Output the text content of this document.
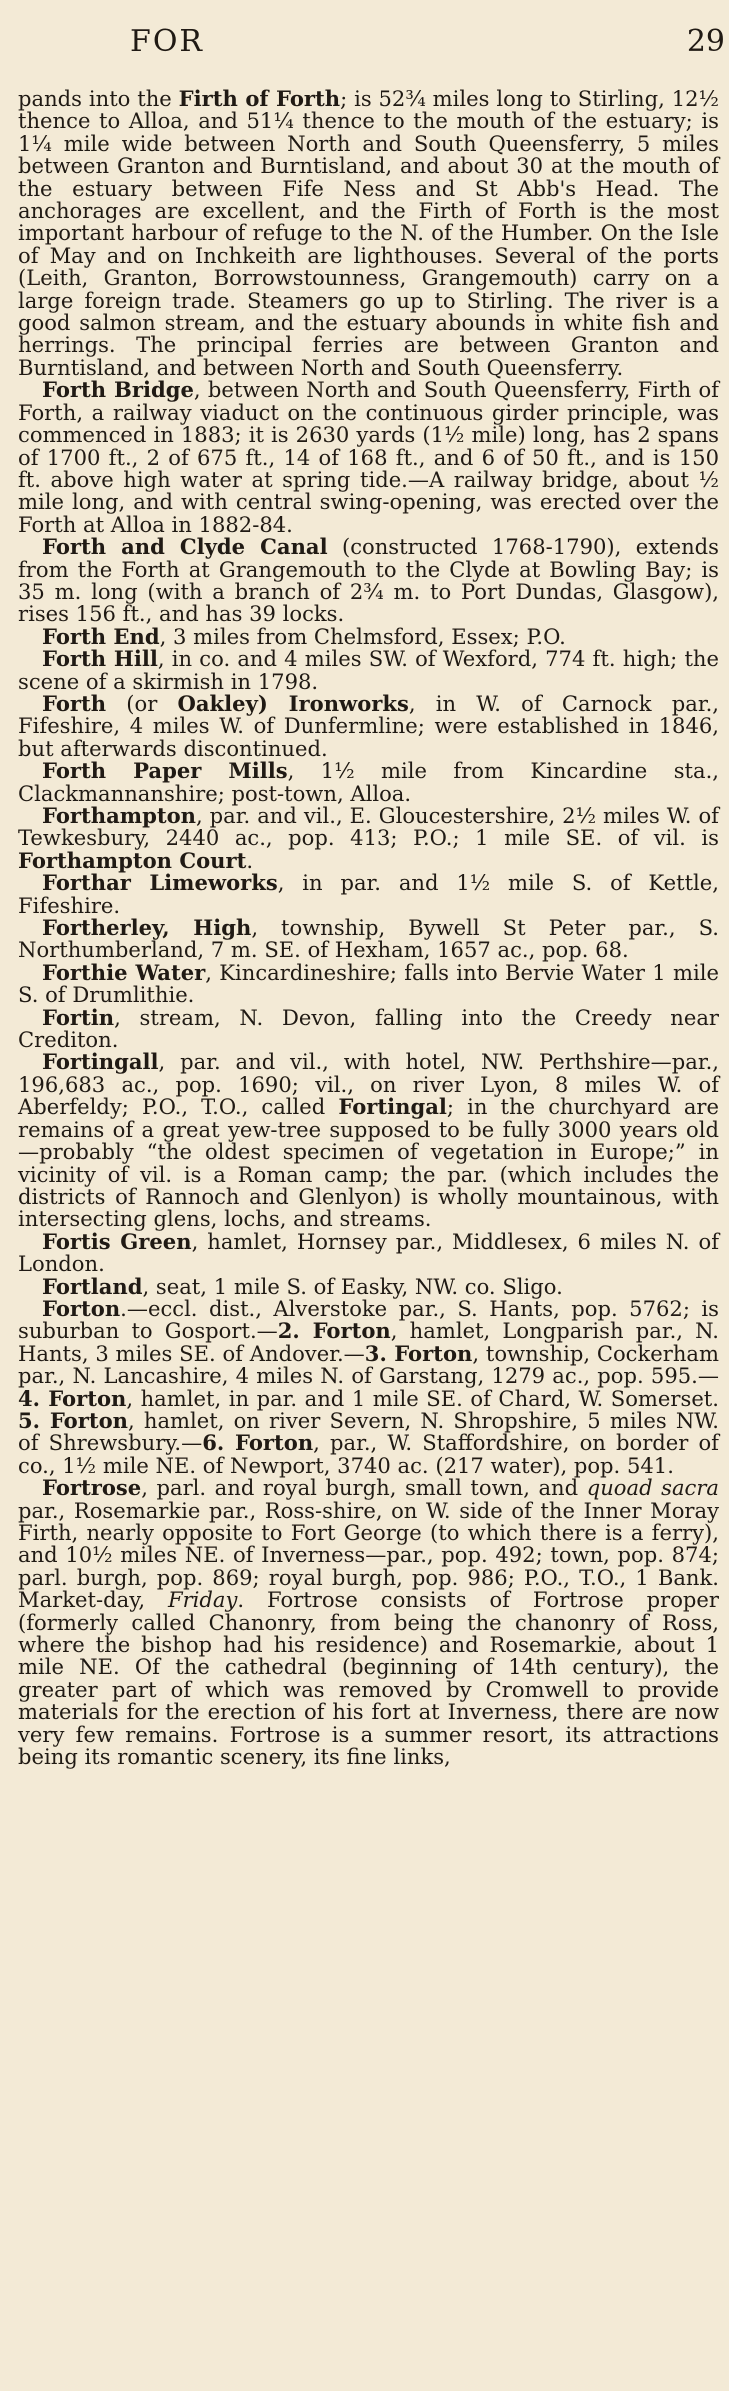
FOR	29

pands into the Firth of Forth; is 52¾ miles long to Stirling, 12½ thence to Alloa, and 51¼ thence to the mouth of the estuary; is 1¼ mile wide between North and South Queensferry, 5 miles between Granton and Burntisland, and about 30 at the mouth of the estuary between Fife Ness and St Abb's Head. The anchorages are excellent, and the Firth of Forth is the most important harbour of refuge to the N. of the Humber. On the Isle of May and on Inchkeith are lighthouses. Several of the ports (Leith, Granton, Borrowstounness, Grangemouth) carry on a large foreign trade. Steamers go up to Stirling. The river is a good salmon stream, and the estuary abounds in white fish and herrings. The principal ferries are between Granton and Burntisland, and between North and South Queensferry.

Forth Bridge, between North and South Queensferry, Firth of Forth, a railway viaduct on the continuous girder principle, was commenced in 1883; it is 2630 yards (1½ mile) long, has 2 spans of 1700 ft., 2 of 675 ft., 14 of 168 ft., and 6 of 50 ft., and is 150 ft. above high water at spring tide.—A railway bridge, about ½ mile long, and with central swing-opening, was erected over the Forth at Alloa in 1882-84.

Forth and Clyde Canal (constructed 1768-1790), extends from the Forth at Grangemouth to the Clyde at Bowling Bay; is 35 m. long (with a branch of 2¾ m. to Port Dundas, Glasgow), rises 156 ft., and has 39 locks.

Forth End, 3 miles from Chelmsford, Essex; P.O.

Forth Hill, in co. and 4 miles SW. of Wexford, 774 ft. high; the scene of a skirmish in 1798.

Forth (or Oakley) Ironworks, in W. of Carnock par., Fifeshire, 4 miles W. of Dunfermline; were established in 1846, but afterwards discontinued.

Forth Paper Mills, 1½ mile from Kincardine sta., Clackmannanshire; post-town, Alloa.

Forthampton, par. and vil., E. Gloucestershire, 2½ miles W. of Tewkesbury, 2440 ac., pop. 413; P.O.; 1 mile SE. of vil. is Forthampton Court.

Forthar Limeworks, in par. and 1½ mile S. of Kettle, Fifeshire.

Fortherley, High, township, Bywell St Peter par., S. Northumberland, 7 m. SE. of Hexham, 1657 ac., pop. 68.

Forthie Water, Kincardineshire; falls into Bervie Water 1 mile S. of Drumlithie.

Fortin, stream, N. Devon, falling into the Creedy near Crediton.

Fortingall, par. and vil., with hotel, NW. Perthshire—par., 196,683 ac., pop. 1690; vil., on river Lyon, 8 miles W. of Aberfeldy; P.O., T.O., called Fortingal; in the churchyard are remains of a great yew-tree supposed to be fully 3000 years old—probably “the oldest specimen of vegetation in Europe;” in vicinity of vil. is a Roman camp; the par. (which includes the districts of Rannoch and Glenlyon) is wholly mountainous, with intersecting glens, lochs, and streams.

Fortis Green, hamlet, Hornsey par., Middlesex, 6 miles N. of London.

Fortland, seat, 1 mile S. of Easky, NW. co. Sligo.

Forton.—eccl. dist., Alverstoke par., S. Hants, pop. 5762; is suburban to Gosport.—2. Forton, hamlet, Longparish par., N. Hants, 3 miles SE. of Andover.—3. Forton, township, Cockerham par., N. Lancashire, 4 miles N. of Garstang, 1279 ac., pop. 595.—4. Forton, hamlet, in par. and 1 mile SE. of Chard, W. Somerset. 5. Forton, hamlet, on river Severn, N. Shropshire, 5 miles NW. of Shrewsbury.—6. Forton, par., W. Staffordshire, on border of co., 1½ mile NE. of Newport, 3740 ac. (217 water), pop. 541.

Fortrose, parl. and royal burgh, small town, and quoad sacra par., Rosemarkie par., Ross-shire, on W. side of the Inner Moray Firth, nearly opposite to Fort George (to which there is a ferry), and 10½ miles NE. of Inverness—par., pop. 492; town, pop. 874; parl. burgh, pop. 869; royal burgh, pop. 986; P.O., T.O., 1 Bank. Market-day, Friday. Fortrose consists of Fortrose proper (formerly called Chanonry, from being the chanonry of Ross, where the bishop had his residence) and Rosemarkie, about 1 mile NE. Of the cathedral (beginning of 14th century), the greater part of which was removed by Cromwell to provide materials for the erection of his fort at Inverness, there are now very few remains. Fortrose is a summer resort, its attractions being its romantic scenery, its fine links,
